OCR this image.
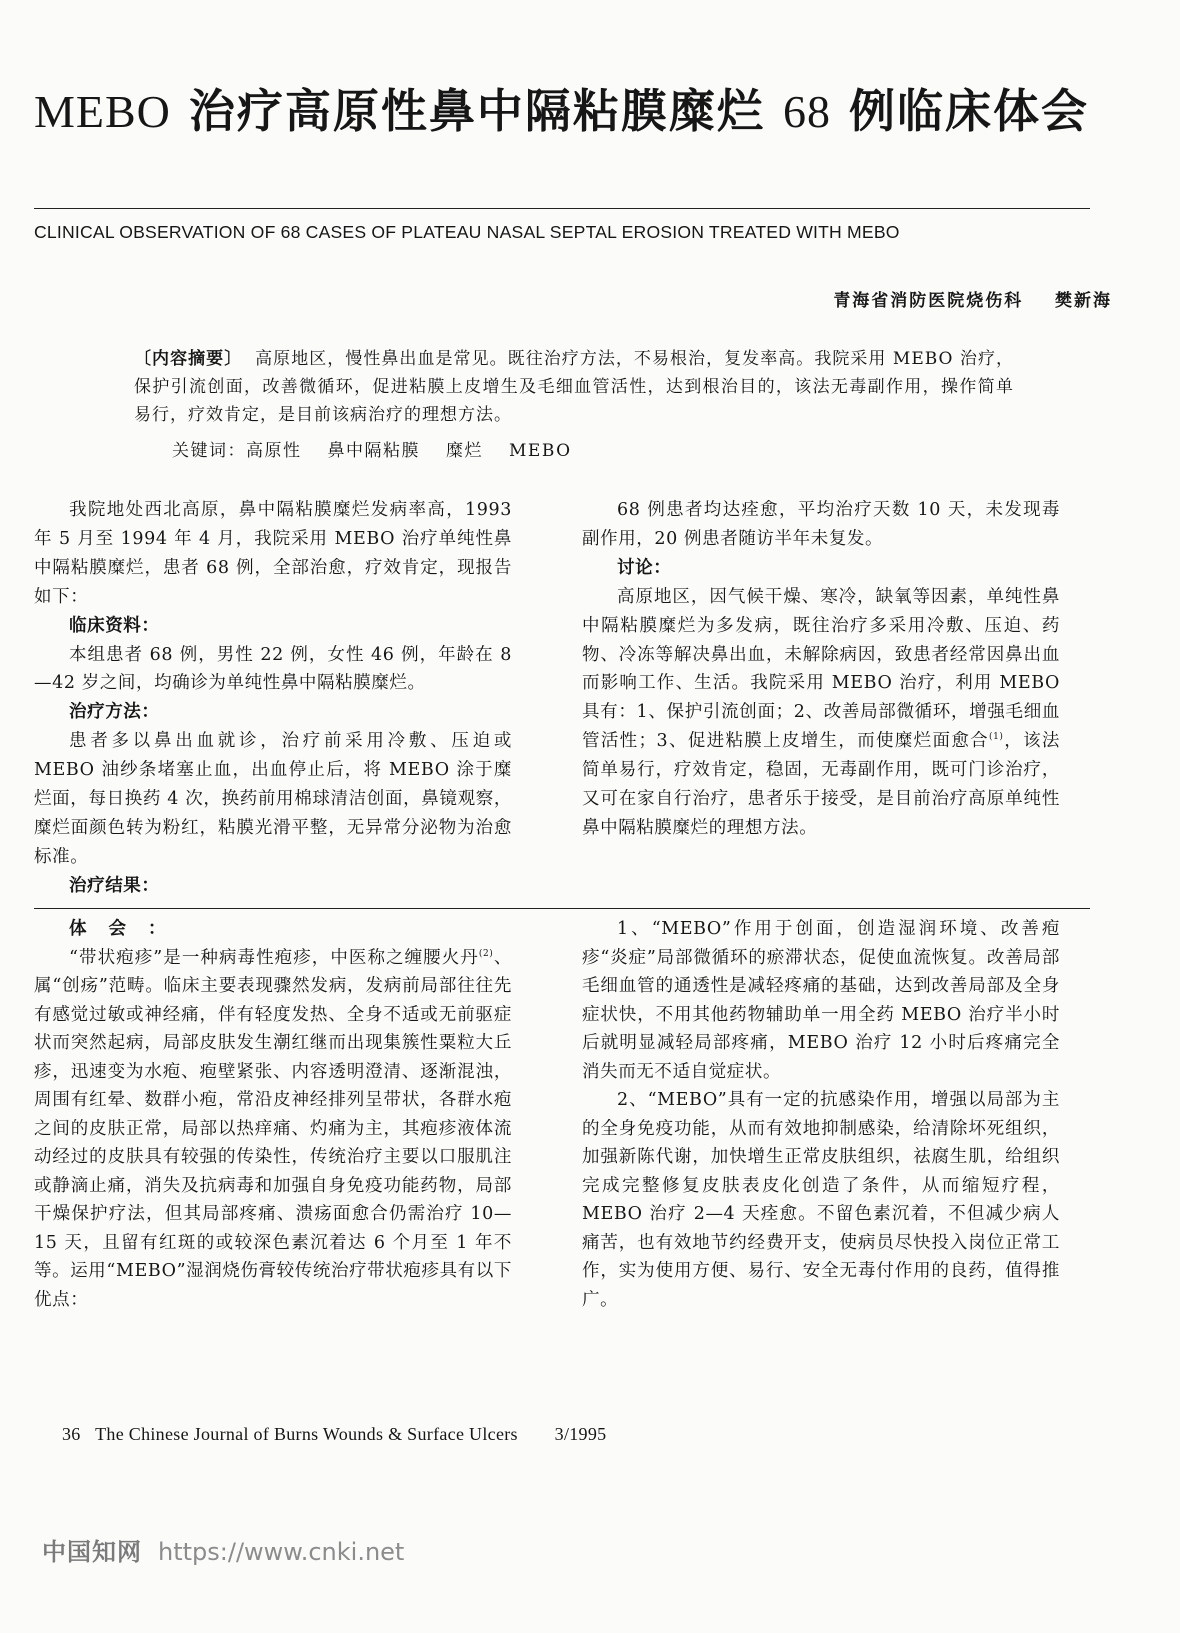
MEBO 治疗高原性鼻中隔粘膜糜烂 68 例临床体会
CLINICAL OBSERVATION OF 68 CASES OF PLATEAU NASAL SEPTAL EROSION TREATED WITH MEBO
青海省消防医院烧伤科 樊新海
〔内容摘要〕 高原地区，慢性鼻出血是常见。既往治疗方法，不易根治，复发率高。我院采用 MEBO 治疗，保护引流创面，改善微循环，促进粘膜上皮增生及毛细血管活性，达到根治目的，该法无毒副作用，操作简单易行，疗效肯定，是目前该病治疗的理想方法。
关键词：高原性 鼻中隔粘膜 糜烂 MEBO

我院地处西北高原，鼻中隔粘膜糜烂发病率高，1993 年 5 月至 1994 年 4 月，我院采用 MEBO 治疗单纯性鼻中隔粘膜糜烂，患者 68 例，全部治愈，疗效肯定，现报告如下：

临床资料：

本组患者 68 例，男性 22 例，女性 46 例，年龄在 8—42 岁之间，均确诊为单纯性鼻中隔粘膜糜烂。

治疗方法：

患者多以鼻出血就诊，治疗前采用冷敷、压迫或 MEBO 油纱条堵塞止血，出血停止后，将 MEBO 涂于糜烂面，每日换药 4 次，换药前用棉球清洁创面，鼻镜观察，糜烂面颜色转为粉红，粘膜光滑平整，无异常分泌物为治愈标准。

治疗结果：

68 例患者均达痊愈，平均治疗天数 10 天，未发现毒副作用，20 例患者随访半年未复发。

讨论：

高原地区，因气候干燥、寒冷，缺氧等因素，单纯性鼻中隔粘膜糜烂为多发病，既往治疗多采用冷敷、压迫、药物、冷冻等解决鼻出血，未解除病因，致患者经常因鼻出血而影响工作、生活。我院采用 MEBO 治疗，利用 MEBO 具有：1、保护引流创面；2、改善局部微循环，增强毛细血管活性；3、促进粘膜上皮增生，而使糜烂面愈合$^{(1)}$，该法简单易行，疗效肯定，稳固，无毒副作用，既可门诊治疗，又可在家自行治疗，患者乐于接受，是目前治疗高原单纯性鼻中隔粘膜糜烂的理想方法。

体会：

“带状疱疹”是一种病毒性疱疹，中医称之缠腰火丹$^{(2)}$、属“创疡”范畴。临床主要表现骤然发病，发病前局部往往先有感觉过敏或神经痛，伴有轻度发热、全身不适或无前驱症状而突然起病，局部皮肤发生潮红继而出现集簇性粟粒大丘疹，迅速变为水疱、疱壁紧张、内容透明澄清、逐渐混浊，周围有红晕、数群小疱，常沿皮神经排列呈带状，各群水疱之间的皮肤正常，局部以热痒痛、灼痛为主，其疱疹液体流动经过的皮肤具有较强的传染性，传统治疗主要以口服肌注或静滴止痛，消失及抗病毒和加强自身免疫功能药物，局部干燥保护疗法，但其局部疼痛、溃疡面愈合仍需治疗 10—15 天，且留有红斑的或较深色素沉着达 6 个月至 1 年不等。运用“MEBO”湿润烧伤膏较传统治疗带状疱疹具有以下优点：

1、“MEBO”作用于创面，创造湿润环境、改善疱疹“炎症”局部微循环的瘀滞状态，促使血流恢复。改善局部毛细血管的通透性是减轻疼痛的基础，达到改善局部及全身症状快，不用其他药物辅助单一用全药 MEBO 治疗半小时后就明显减轻局部疼痛，MEBO 治疗 12 小时后疼痛完全消失而无不适自觉症状。

2、“MEBO”具有一定的抗感染作用，增强以局部为主的全身免疫功能，从而有效地抑制感染，给清除坏死组织，加强新陈代谢，加快增生正常皮肤组织，祛腐生肌，给组织完成完整修复皮肤表皮化创造了条件，从而缩短疗程，MEBO 治疗 2—4 天痊愈。不留色素沉着，不但减少病人痛苦，也有效地节约经费开支，使病员尽快投入岗位正常工作，实为使用方便、易行、安全无毒付作用的良药，值得推广。

36 The Chinese Journal of Burns Wounds & Surface Ulcers 3/1995
中国知网 https://www.cnki.net
